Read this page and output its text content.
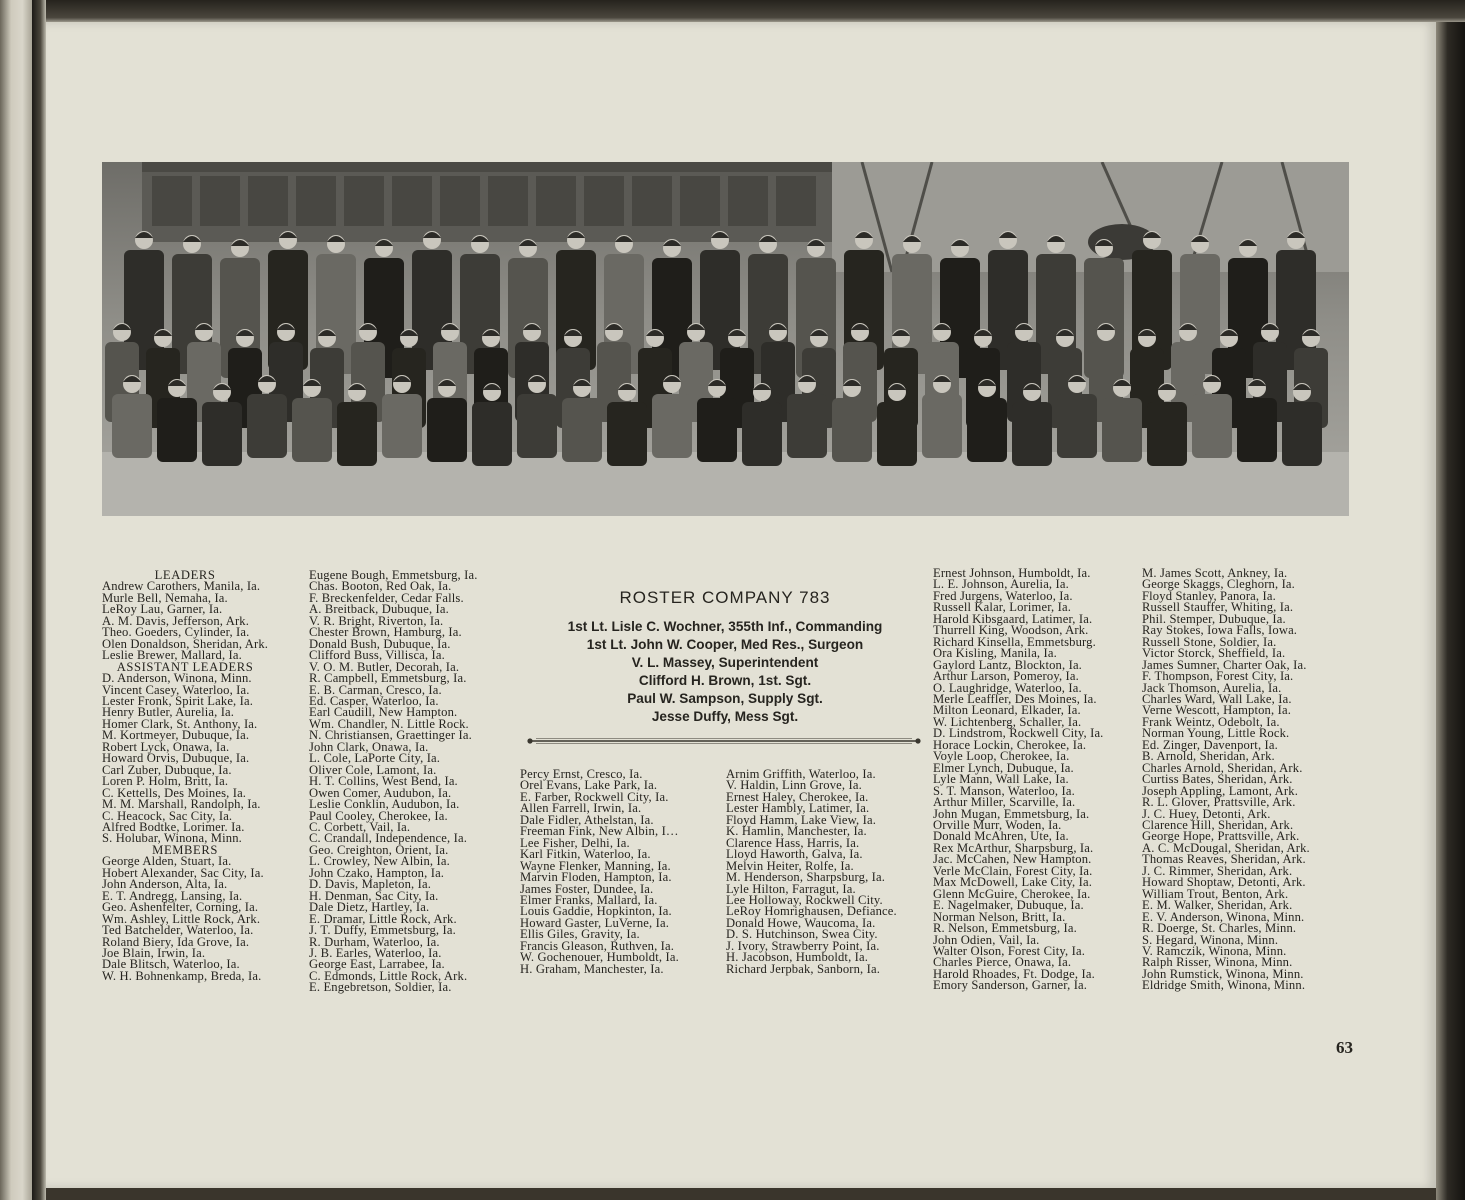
LEADERS
Andrew Carothers, Manila, Ia.
Murle Bell, Nemaha, Ia.
LeRoy Lau, Garner, Ia.
A. M. Davis, Jefferson, Ark.
Theo. Goeders, Cylinder, Ia.
Olen Donaldson, Sheridan, Ark.
Leslie Brewer, Mallard, Ia.
ASSISTANT LEADERS
D. Anderson, Winona, Minn.
Vincent Casey, Waterloo, Ia.
Lester Fronk, Spirit Lake, Ia.
Henry Butler, Aurelia, Ia.
Homer Clark, St. Anthony, Ia.
M. Kortmeyer, Dubuque, Ia.
Robert Lyck, Onawa, Ia.
Howard Orvis, Dubuque, Ia.
Carl Zuber, Dubuque, Ia.
Loren P. Holm, Britt, Ia.
C. Kettells, Des Moines, Ia.
M. M. Marshall, Randolph, Ia.
C. Heacock, Sac City, Ia.
Alfred Bodtke, Lorimer. Ia.
S. Holubar, Winona, Minn.
MEMBERS
George Alden, Stuart, Ia.
Hobert Alexander, Sac City, Ia.
John Anderson, Alta, Ia.
E. T. Andregg, Lansing, Ia.
Geo. Ashenfelter, Corning, Ia.
Wm. Ashley, Little Rock, Ark.
Ted Batchelder, Waterloo, Ia.
Roland Biery, Ida Grove, Ia.
Joe Blain, Irwin, Ia.
Dale Blitsch, Waterloo, Ia.
W. H. Bohnenkamp, Breda, Ia.
Eugene Bough, Emmetsburg, Ia.
Chas. Booton, Red Oak, Ia.
F. Breckenfelder, Cedar Falls.
A. Breitback, Dubuque, Ia.
V. R. Bright, Riverton, Ia.
Chester Brown, Hamburg, Ia.
Donald Bush, Dubuque, Ia.
Clifford Buss, Villisca, Ia.
V. O. M. Butler, Decorah, Ia.
R. Campbell, Emmetsburg, Ia.
E. B. Carman, Cresco, Ia.
Ed. Casper, Waterloo, Ia.
Earl Caudill, New Hampton.
Wm. Chandler, N. Little Rock.
N. Christiansen, Graettinger Ia.
John Clark, Onawa, Ia.
L. Cole, LaPorte City, Ia.
Oliver Cole, Lamont, Ia.
H. T. Collins, West Bend, Ia.
Owen Comer, Audubon, Ia.
Leslie Conklin, Audubon, Ia.
Paul Cooley, Cherokee, Ia.
C. Corbett, Vail, Ia.
C. Crandall, Independence, Ia.
Geo. Creighton, Orient, Ia.
L. Crowley, New Albin, Ia.
John Czako, Hampton, Ia.
D. Davis, Mapleton, Ia.
H. Denman, Sac City, Ia.
Dale Dietz, Hartley, Ia.
E. Dramar, Little Rock, Ark.
J. T. Duffy, Emmetsburg, Ia.
R. Durham, Waterloo, Ia.
J. B. Earles, Waterloo, Ia.
George East, Larrabee, Ia.
C. Edmonds, Little Rock, Ark.
E. Engebretson, Soldier, Ia.
ROSTER COMPANY 783
1st Lt. Lisle C. Wochner, 355th Inf., Commanding
1st Lt. John W. Cooper, Med Res., Surgeon
V. L. Massey, Superintendent
Clifford H. Brown, 1st. Sgt.
Paul W. Sampson, Supply Sgt.
Jesse Duffy, Mess Sgt.
Percy Ernst, Cresco, Ia.
Orel Evans, Lake Park, Ia.
E. Farber, Rockwell City, Ia.
Allen Farrell, Irwin, Ia.
Dale Fidler, Athelstan, Ia.
Freeman Fink, New Albin, I…
Lee Fisher, Delhi, Ia.
Karl Fitkin, Waterloo, Ia.
Wayne Flenker, Manning, Ia.
Marvin Floden, Hampton, Ia.
James Foster, Dundee, Ia.
Elmer Franks, Mallard, Ia.
Louis Gaddie, Hopkinton, Ia.
Howard Gaster, LuVerne, Ia.
Ellis Giles, Gravity, Ia.
Francis Gleason, Ruthven, Ia.
W. Gochenouer, Humboldt, Ia.
H. Graham, Manchester, Ia.
Arnim Griffith, Waterloo, Ia.
V. Haldin, Linn Grove, Ia.
Ernest Haley, Cherokee, Ia.
Lester Hambly, Latimer, Ia.
Floyd Hamm, Lake View, Ia.
K. Hamlin, Manchester, Ia.
Clarence Hass, Harris, Ia.
Lloyd Haworth, Galva, Ia.
Melvin Heiter, Rolfe, Ia.
M. Henderson, Sharpsburg, Ia.
Lyle Hilton, Farragut, Ia.
Lee Holloway, Rockwell City.
LeRoy Homrighausen, Defiance.
Donald Howe, Waucoma, Ia.
D. S. Hutchinson, Swea City.
J. Ivory, Strawberry Point, Ia.
H. Jacobson, Humboldt, Ia.
Richard Jerpbak, Sanborn, Ia.
Ernest Johnson, Humboldt, Ia.
L. E. Johnson, Aurelia, Ia.
Fred Jurgens, Waterloo, Ia.
Russell Kalar, Lorimer, Ia.
Harold Kibsgaard, Latimer, Ia.
Thurrell King, Woodson, Ark.
Richard Kinsella, Emmetsburg.
Ora Kisling, Manila, Ia.
Gaylord Lantz, Blockton, Ia.
Arthur Larson, Pomeroy, Ia.
O. Laughridge, Waterloo, Ia.
Merle Leaffler, Des Moines, Ia.
Milton Leonard, Elkader, Ia.
W. Lichtenberg, Schaller, Ia.
D. Lindstrom, Rockwell City, Ia.
Horace Lockin, Cherokee, Ia.
Voyle Loop, Cherokee, Ia.
Elmer Lynch, Dubuque, Ia.
Lyle Mann, Wall Lake, Ia.
S. T. Manson, Waterloo, Ia.
Arthur Miller, Scarville, Ia.
John Mugan, Emmetsburg, Ia.
Orville Murr, Woden, Ia.
Donald McAhren, Ute, Ia.
Rex McArthur, Sharpsburg, Ia.
Jac. McCahen, New Hampton.
Verle McClain, Forest City, Ia.
Max McDowell, Lake City, Ia.
Glenn McGuire, Cherokee, Ia.
E. Nagelmaker, Dubuque, Ia.
Norman Nelson, Britt, Ia.
R. Nelson, Emmetsburg, Ia.
John Odien, Vail, Ia.
Walter Olson, Forest City, Ia.
Charles Pierce, Onawa, Ia.
Harold Rhoades, Ft. Dodge, Ia.
Emory Sanderson, Garner, Ia.
M. James Scott, Ankney, Ia.
George Skaggs, Cleghorn, Ia.
Floyd Stanley, Panora, Ia.
Russell Stauffer, Whiting, Ia.
Phil. Stemper, Dubuque, Ia.
Ray Stokes, Iowa Falls, Iowa.
Russell Stone, Soldier, Ia.
Victor Storck, Sheffield, Ia.
James Sumner, Charter Oak, Ia.
F. Thompson, Forest City, Ia.
Jack Thomson, Aurelia, Ia.
Charles Ward, Wall Lake, Ia.
Verne Wescott, Hampton, Ia.
Frank Weintz, Odebolt, Ia.
Norman Young, Little Rock.
Ed. Zinger, Davenport, Ia.
B. Arnold, Sheridan, Ark.
Charles Arnold, Sheridan, Ark.
Curtiss Bates, Sheridan, Ark.
Joseph Appling, Lamont, Ark.
R. L. Glover, Prattsville, Ark.
J. C. Huey, Detonti, Ark.
Clarence Hill, Sheridan, Ark.
George Hope, Prattsville, Ark.
A. C. McDougal, Sheridan, Ark.
Thomas Reaves, Sheridan, Ark.
J. C. Rimmer, Sheridan, Ark.
Howard Shoptaw, Detonti, Ark.
William Trout, Benton, Ark.
E. M. Walker, Sheridan, Ark.
E. V. Anderson, Winona, Minn.
R. Doerge, St. Charles, Minn.
S. Hegard, Winona, Minn.
V. Ramczik, Winona, Minn.
Ralph Risser, Winona, Minn.
John Rumstick, Winona, Minn.
Eldridge Smith, Winona, Minn.
63
